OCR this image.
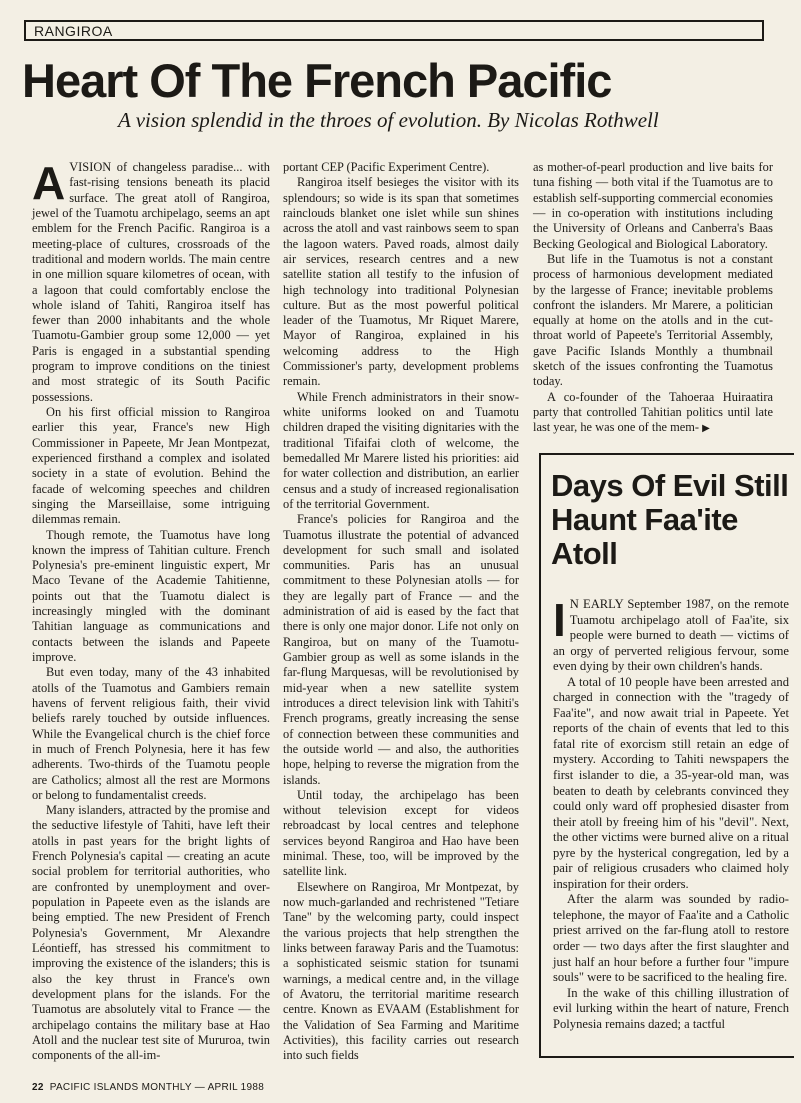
RANGIROA
Heart Of The French Pacific
A vision splendid in the throes of evolution. By Nicolas Rothwell

AVISION of changeless paradise... with fast-rising tensions beneath its placid surface. The great atoll of Rangiroa, jewel of the Tuamotu archipelago, seems an apt emblem for the French Pacific. Rangiroa is a meeting-place of cultures, crossroads of the traditional and modern worlds. The main centre in one million square kilometres of ocean, with a lagoon that could comfortably enclose the whole island of Tahiti, Rangiroa itself has fewer than 2000 inhabitants and the whole Tuamotu-Gambier group some 12,000 — yet Paris is engaged in a substantial spending program to improve conditions on the tiniest and most strategic of its South Pacific possessions.

On his first official mission to Rangiroa earlier this year, France's new High Commissioner in Papeete, Mr Jean Montpezat, experienced firsthand a complex and isolated society in a state of evolution. Behind the facade of welcoming speeches and children singing the Marseillaise, some intriguing dilemmas remain.

Though remote, the Tuamotus have long known the impress of Tahitian culture. French Polynesia's pre-eminent linguistic expert, Mr Maco Tevane of the Academie Tahitienne, points out that the Tuamotu dialect is increasingly mingled with the dominant Tahitian language as communications and contacts between the islands and Papeete improve.

But even today, many of the 43 inhabited atolls of the Tuamotus and Gambiers remain havens of fervent religious faith, their vivid beliefs rarely touched by outside influences. While the Evangelical church is the chief force in much of French Polynesia, here it has few adherents. Two-thirds of the Tuamotu people are Catholics; almost all the rest are Mormons or belong to fundamentalist creeds.

Many islanders, attracted by the promise and the seductive lifestyle of Tahiti, have left their atolls in past years for the bright lights of French Polynesia's capital — creating an acute social problem for territorial authorities, who are confronted by unemployment and over-population in Papeete even as the islands are being emptied. The new President of French Polynesia's Government, Mr Alexandre Léontieff, has stressed his commitment to improving the existence of the islanders; this is also the key thrust in France's own development plans for the islands. For the Tuamotus are absolutely vital to France — the archipelago contains the military base at Hao Atoll and the nuclear test site of Mururoa, twin components of the all-im-

portant CEP (Pacific Experiment Centre).

Rangiroa itself besieges the visitor with its splendours; so wide is its span that sometimes rainclouds blanket one islet while sun shines across the atoll and vast rainbows seem to span the lagoon waters. Paved roads, almost daily air services, research centres and a new satellite station all testify to the infusion of high technology into traditional Polynesian culture. But as the most powerful political leader of the Tuamotus, Mr Riquet Marere, Mayor of Rangiroa, explained in his welcoming address to the High Commissioner's party, development problems remain.

While French administrators in their snow-white uniforms looked on and Tuamotu children draped the visiting dignitaries with the traditional Tifaifai cloth of welcome, the bemedalled Mr Marere listed his priorities: aid for water collection and distribution, an earlier census and a study of increased regionalisation of the territorial Government.

France's policies for Rangiroa and the Tuamotus illustrate the potential of advanced development for such small and isolated communities. Paris has an unusual commitment to these Polynesian atolls — for they are legally part of France — and the administration of aid is eased by the fact that there is only one major donor. Life not only on Rangiroa, but on many of the Tuamotu-Gambier group as well as some islands in the far-flung Marquesas, will be revolutionised by mid-year when a new satellite system introduces a direct television link with Tahiti's French programs, greatly increasing the sense of connection between these communities and the outside world — and also, the authorities hope, helping to reverse the migration from the islands.

Until today, the archipelago has been without television except for videos rebroadcast by local centres and telephone services beyond Rangiroa and Hao have been minimal. These, too, will be improved by the satellite link.

Elsewhere on Rangiroa, Mr Montpezat, by now much-garlanded and rechristened "Tetiare Tane" by the welcoming party, could inspect the various projects that help strengthen the links between faraway Paris and the Tuamotus: a sophisticated seismic station for tsunami warnings, a medical centre and, in the village of Avatoru, the territorial maritime research centre. Known as EVAAM (Establishment for the Validation of Sea Farming and Maritime Activities), this facility carries out research into such fields

as mother-of-pearl production and live baits for tuna fishing — both vital if the Tuamotus are to establish self-supporting commercial economies — in co-operation with institutions including the University of Orleans and Canberra's Baas Becking Geological and Biological Laboratory.

But life in the Tuamotus is not a constant process of harmonious development mediated by the largesse of France; inevitable problems confront the islanders. Mr Marere, a politician equally at home on the atolls and in the cut-throat world of Papeete's Territorial Assembly, gave Pacific Islands Monthly a thumbnail sketch of the issues confronting the Tuamotus today.

A co-founder of the Tahoeraa Huiraatira party that controlled Tahitian politics until late last year, he was one of the mem- ▶

Days Of Evil Still Haunt Faa'ite Atoll

I N EARLY September 1987, on the remote Tuamotu archipelago atoll of Faa'ite, six people were burned to death — victims of an orgy of perverted religious fervour, some even dying by their own children's hands.

A total of 10 people have been arrested and charged in connection with the "tragedy of Faa'ite", and now await trial in Papeete. Yet reports of the chain of events that led to this fatal rite of exorcism still retain an edge of mystery. According to Tahiti newspapers the first islander to die, a 35-year-old man, was beaten to death by celebrants convinced they could only ward off prophesied disaster from their atoll by freeing him of his "devil". Next, the other victims were burned alive on a ritual pyre by the hysterical congregation, led by a pair of religious crusaders who claimed holy inspiration for their orders.

After the alarm was sounded by radio-telephone, the mayor of Faa'ite and a Catholic priest arrived on the far-flung atoll to restore order — two days after the first slaughter and just half an hour before a further four "impure souls" were to be sacrificed to the healing fire.

In the wake of this chilling illustration of evil lurking within the heart of nature, French Polynesia remains dazed; a tactful

22 PACIFIC ISLANDS MONTHLY — APRIL 1988
